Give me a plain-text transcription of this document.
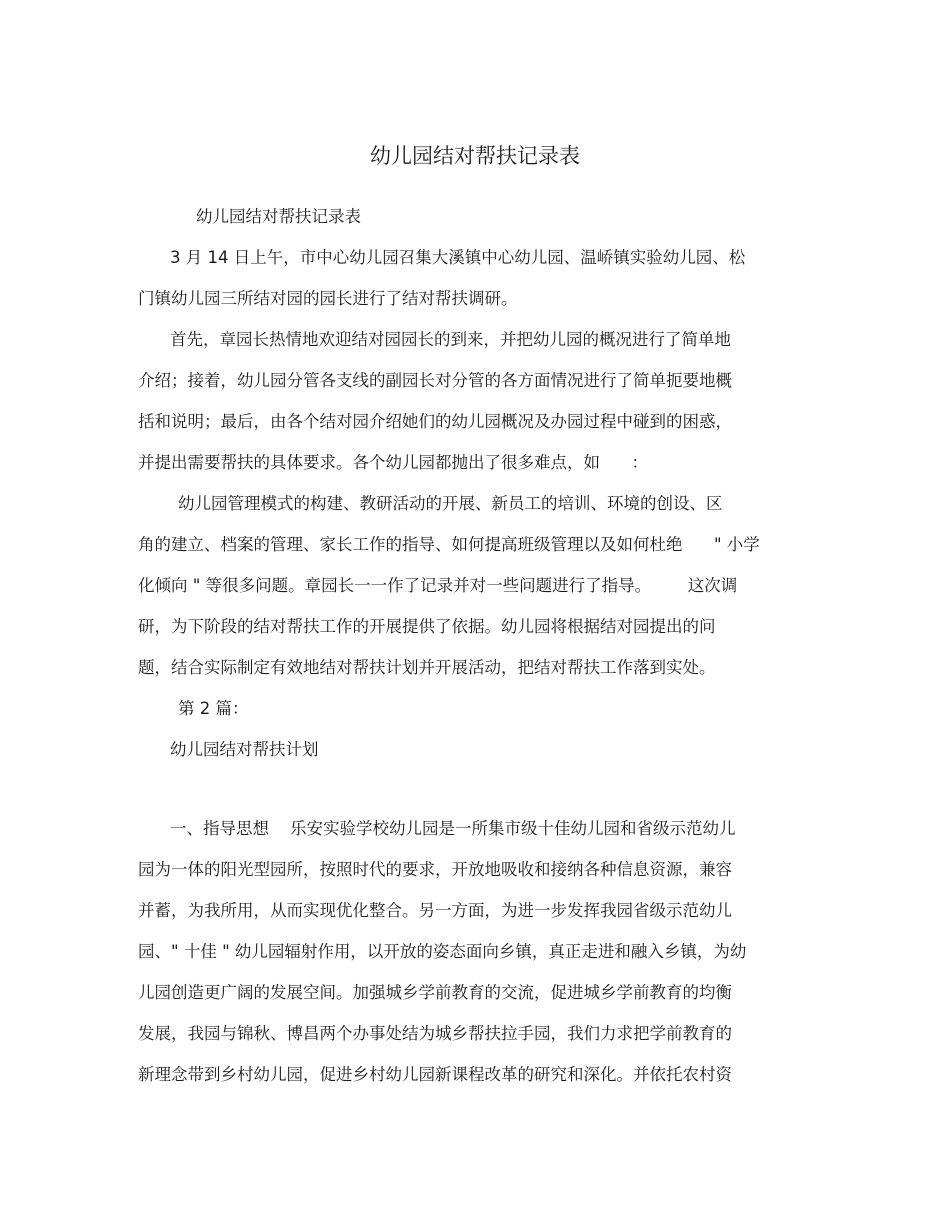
幼儿园结对帮扶记录表
幼儿园结对帮扶记录表
3 月 14 日上午，市中心幼儿园召集大溪镇中心幼儿园、温峤镇实验幼儿园、松
门镇幼儿园三所结对园的园长进行了结对帮扶调研。
首先，章园长热情地欢迎结对园园长的到来，并把幼儿园的概况进行了简单地
介绍；接着，幼儿园分管各支线的副园长对分管的各方面情况进行了简单扼要地概
括和说明；最后，由各个结对园介绍她们的幼儿园概况及办园过程中碰到的困惑，
并提出需要帮扶的具体要求。各个幼儿园都抛出了很多难点，如      ：
幼儿园管理模式的构建、教研活动的开展、新员工的培训、环境的创设、区
角的建立、档案的管理、家长工作的指导、如何提高班级管理以及如何杜绝      " 小学
化倾向 " 等很多问题。章园长一一作了记录并对一些问题进行了指导。       这次调
研，为下阶段的结对帮扶工作的开展提供了依据。幼儿园将根据结对园提出的问
题，结合实际制定有效地结对帮扶计划并开展活动，把结对帮扶工作落到实处。
第 2 篇：
幼儿园结对帮扶计划
一、指导思想    乐安实验学校幼儿园是一所集市级十佳幼儿园和省级示范幼儿
园为一体的阳光型园所，按照时代的要求，开放地吸收和接纳各种信息资源，兼容
并蓄，为我所用，从而实现优化整合。另一方面，为进一步发挥我园省级示范幼儿
园、" 十佳 " 幼儿园辐射作用，以开放的姿态面向乡镇，真正走进和融入乡镇，为幼
儿园创造更广阔的发展空间。加强城乡学前教育的交流，促进城乡学前教育的均衡
发展，我园与锦秋、博昌两个办事处结为城乡帮扶拉手园，我们力求把学前教育的
新理念带到乡村幼儿园，促进乡村幼儿园新课程改革的研究和深化。并依托农村资
